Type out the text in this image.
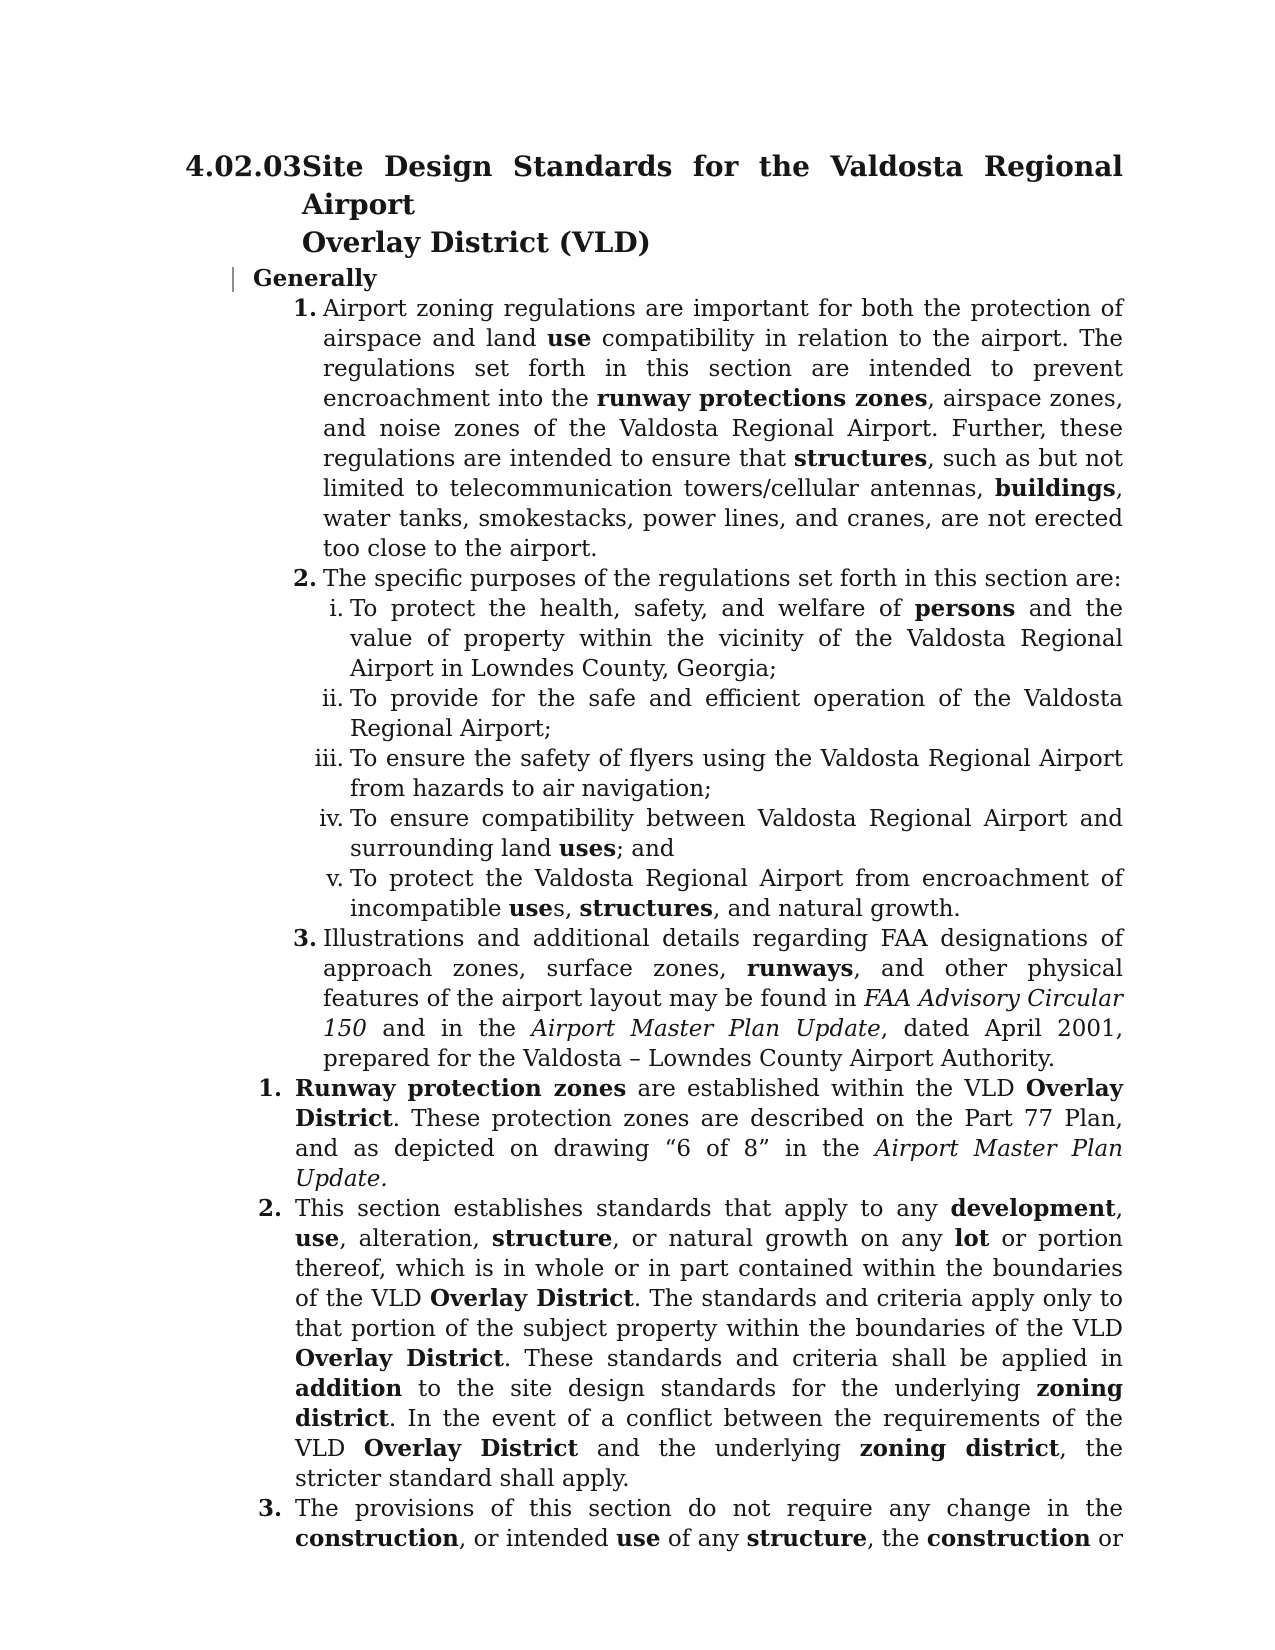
4.02.03 Site Design Standards for the Valdosta Regional Airport
Overlay District (VLD)
Generally
1. Airport zoning regulations are important for both the protection of airspace and land use compatibility in relation to the airport. The regulations set forth in this section are intended to prevent encroachment into the runway protections zones, airspace zones, and noise zones of the Valdosta Regional Airport. Further, these regulations are intended to ensure that structures, such as but not limited to telecommunication towers/cellular antennas, buildings, water tanks, smokestacks, power lines, and cranes, are not erected too close to the airport.
2. The specific purposes of the regulations set forth in this section are:
i. To protect the health, safety, and welfare of persons and the value of property within the vicinity of the Valdosta Regional Airport in Lowndes County, Georgia;
ii. To provide for the safe and efficient operation of the Valdosta Regional Airport;
iii. To ensure the safety of flyers using the Valdosta Regional Airport from hazards to air navigation;
iv. To ensure compatibility between Valdosta Regional Airport and surrounding land uses; and
v. To protect the Valdosta Regional Airport from encroachment of incompatible uses, structures, and natural growth.
3. Illustrations and additional details regarding FAA designations of approach zones, surface zones, runways, and other physical features of the airport layout may be found in FAA Advisory Circular 150 and in the Airport Master Plan Update, dated April 2001, prepared for the Valdosta – Lowndes County Airport Authority.
1. Runway protection zones are established within the VLD Overlay District. These protection zones are described on the Part 77 Plan, and as depicted on drawing “6 of 8” in the Airport Master Plan Update.
2. This section establishes standards that apply to any development, use, alteration, structure, or natural growth on any lot or portion thereof, which is in whole or in part contained within the boundaries of the VLD Overlay District. The standards and criteria apply only to that portion of the subject property within the boundaries of the VLD Overlay District. These standards and criteria shall be applied in addition to the site design standards for the underlying zoning district. In the event of a conflict between the requirements of the VLD Overlay District and the underlying zoning district, the stricter standard shall apply.
3. The provisions of this section do not require any change in the construction, or intended use of any structure, the construction or
